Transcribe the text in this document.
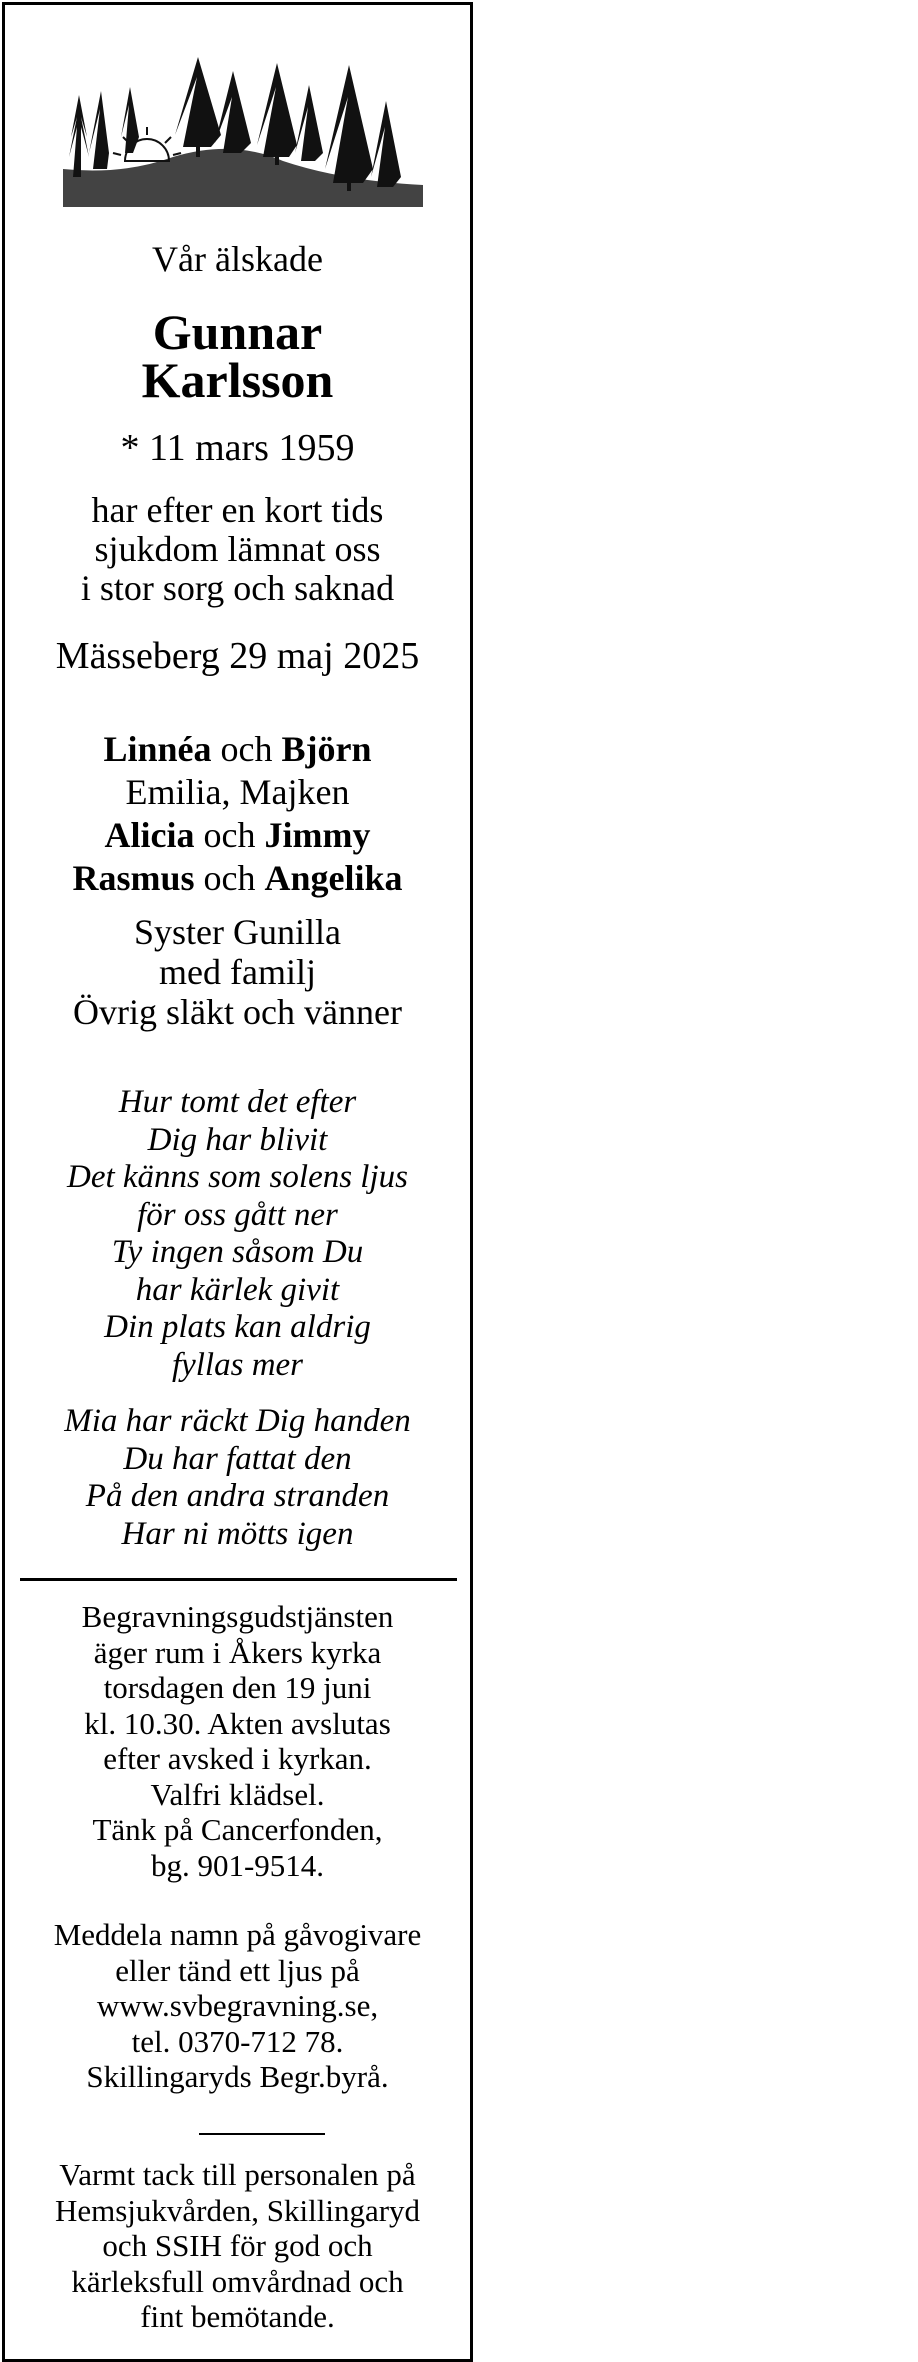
Vår älskade
Gunnar
Karlsson
* 11 mars 1959
har efter en kort tids
sjukdom lämnat oss
i stor sorg och saknad
Mässeberg 29 maj 2025
Linnéa och Björn
Emilia, Majken
Alicia och Jimmy
Rasmus och Angelika
Syster Gunilla
med familj
Övrig släkt och vänner
Hur tomt det efter
Dig har blivit
Det känns som solens ljus
för oss gått ner
Ty ingen såsom Du
har kärlek givit
Din plats kan aldrig
fyllas mer
Mia har räckt Dig handen
Du har fattat den
På den andra stranden
Har ni mötts igen
Begravningsgudstjänsten
äger rum i Åkers kyrka
torsdagen den 19 juni
kl. 10.30. Akten avslutas
efter avsked i kyrkan.
Valfri klädsel.
Tänk på Cancerfonden,
bg. 901-9514.
Meddela namn på gåvogivare
eller tänd ett ljus på
www.svbegravning.se,
tel. 0370-712 78.
Skillingaryds Begr.byrå.
Varmt tack till personalen på
Hemsjukvården, Skillingaryd
och SSIH för god och
kärleksfull omvårdnad och
fint bemötande.
